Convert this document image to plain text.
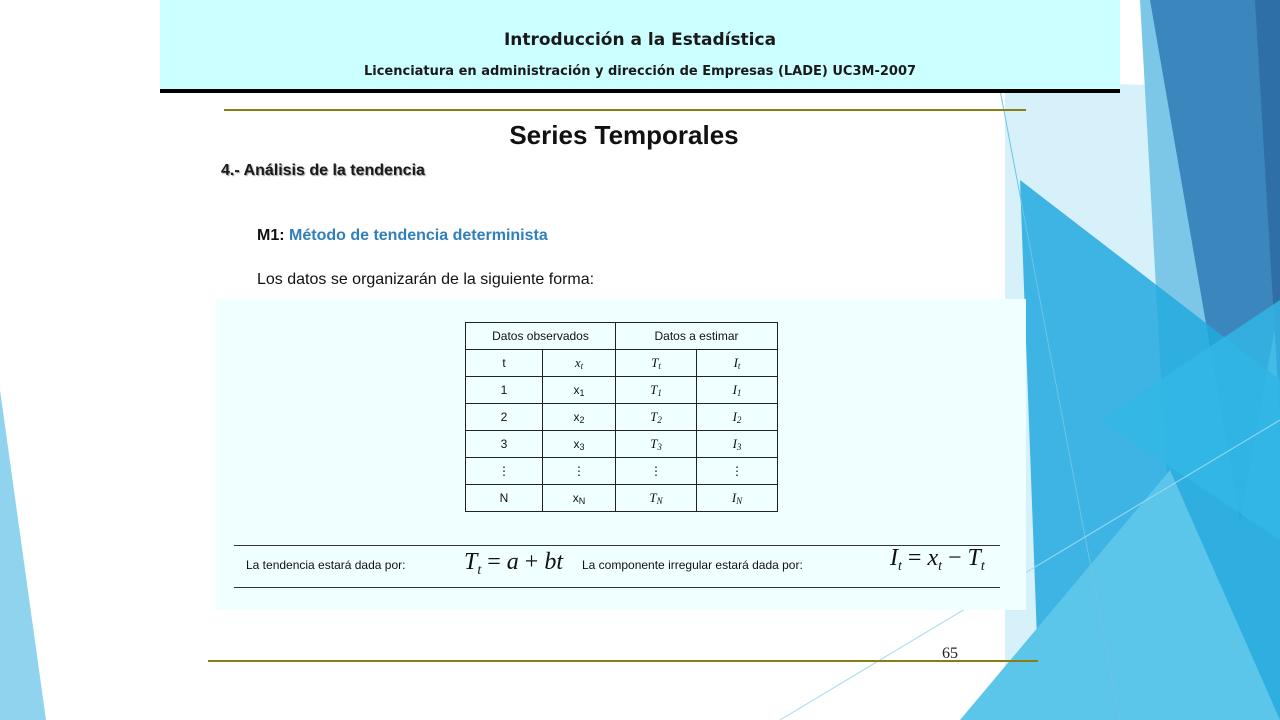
Introducción a la Estadística
Licenciatura en administración y dirección de Empresas (LADE) UC3M-2007
Series Temporales
4.- Análisis de la tendencia
M1: Método de tendencia determinista
Los datos se organizarán de la siguiente forma:
Datos observados		Datos a estimar	
t	$x_t$	$T_t$	$I_t$
1	$x_1$	$T_1$	$I_1$
2	$x_2$	$T_2$	$I_2$
3	$x_3$	$T_3$	$I_3$
⋮	⋮	⋮	⋮
N	$x_N$	$T_N$	$I_N$
La tendencia estará dada por: $T_t = a$ + bt La componente irregular estará dada por:	$I_t = x_t - T_t$
65
